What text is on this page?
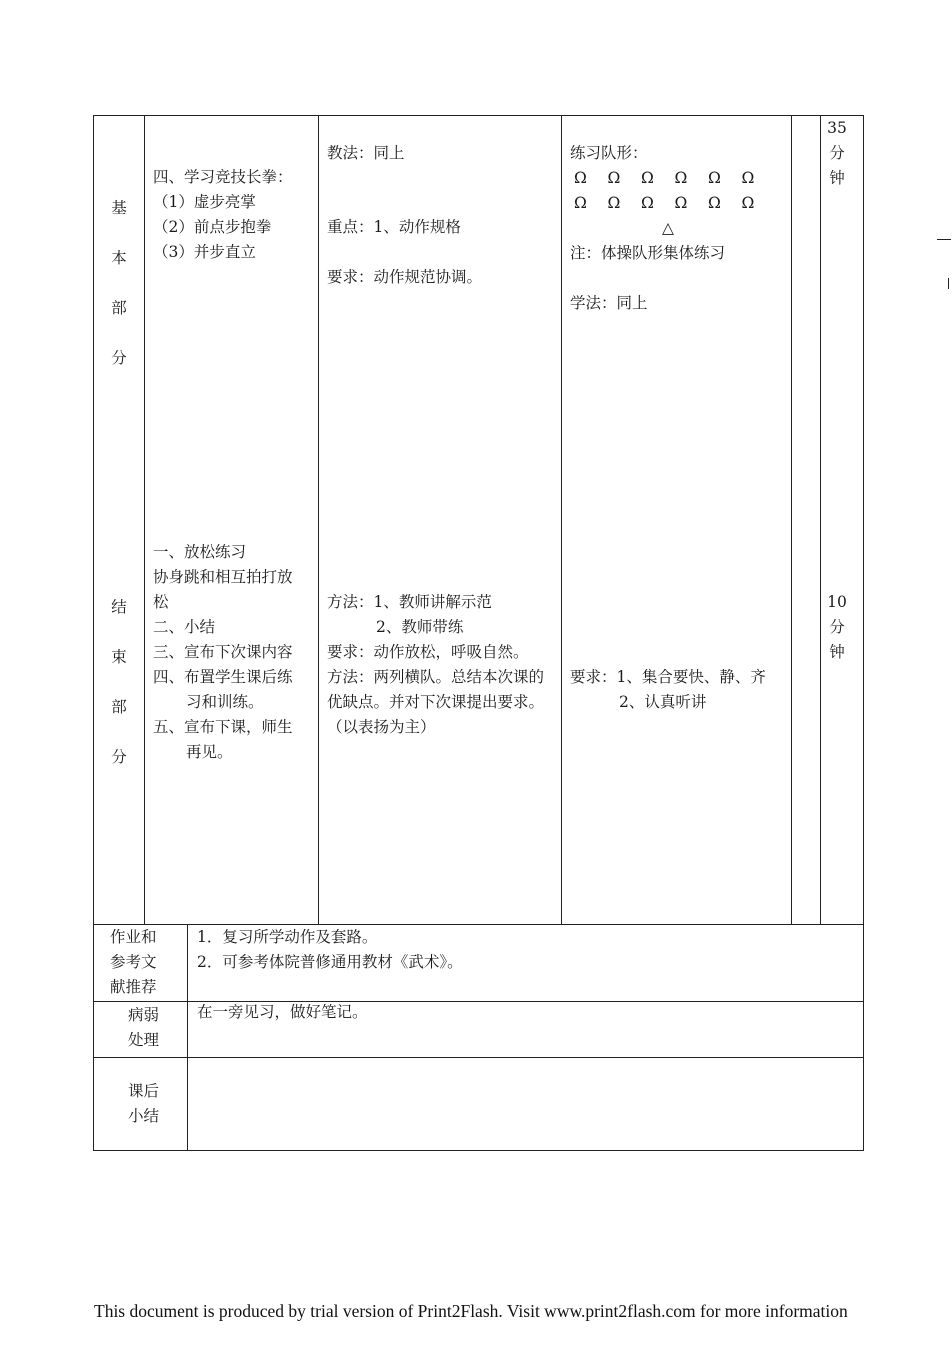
基
本
部
分
四、学习竞技长拳：
（1）虚步亮掌
（2）前点步抱拳
（3）并步直立
教法：同上
重点：1、动作规格
要求：动作规范协调。
练习队形：
Ω Ω Ω Ω Ω Ω
Ω Ω Ω Ω Ω Ω
△
注：体操队形集体练习
学法：同上
35
分
钟
结
束
部
分
一、放松练习
协身跳和相互拍打放
松
二、小结
三、宣布下次课内容
四、布置学生课后练
习和训练。
五、宣布下课，师生
再见。
方法：1、教师讲解示范
2、教师带练
要求：动作放松，呼吸自然。
方法：两列横队。总结本次课的
优缺点。并对下次课提出要求。
（以表扬为主）
要求：1、集合要快、静、齐
2、认真听讲
10
分
钟
作业和
参考文
献推荐
1．复习所学动作及套路。
2．可参考体院普修通用教材《武术》。
病弱
处理
在一旁见习，做好笔记。
课后
小结
This document is produced by trial version of Print2Flash. Visit www.print2flash.com for more information
